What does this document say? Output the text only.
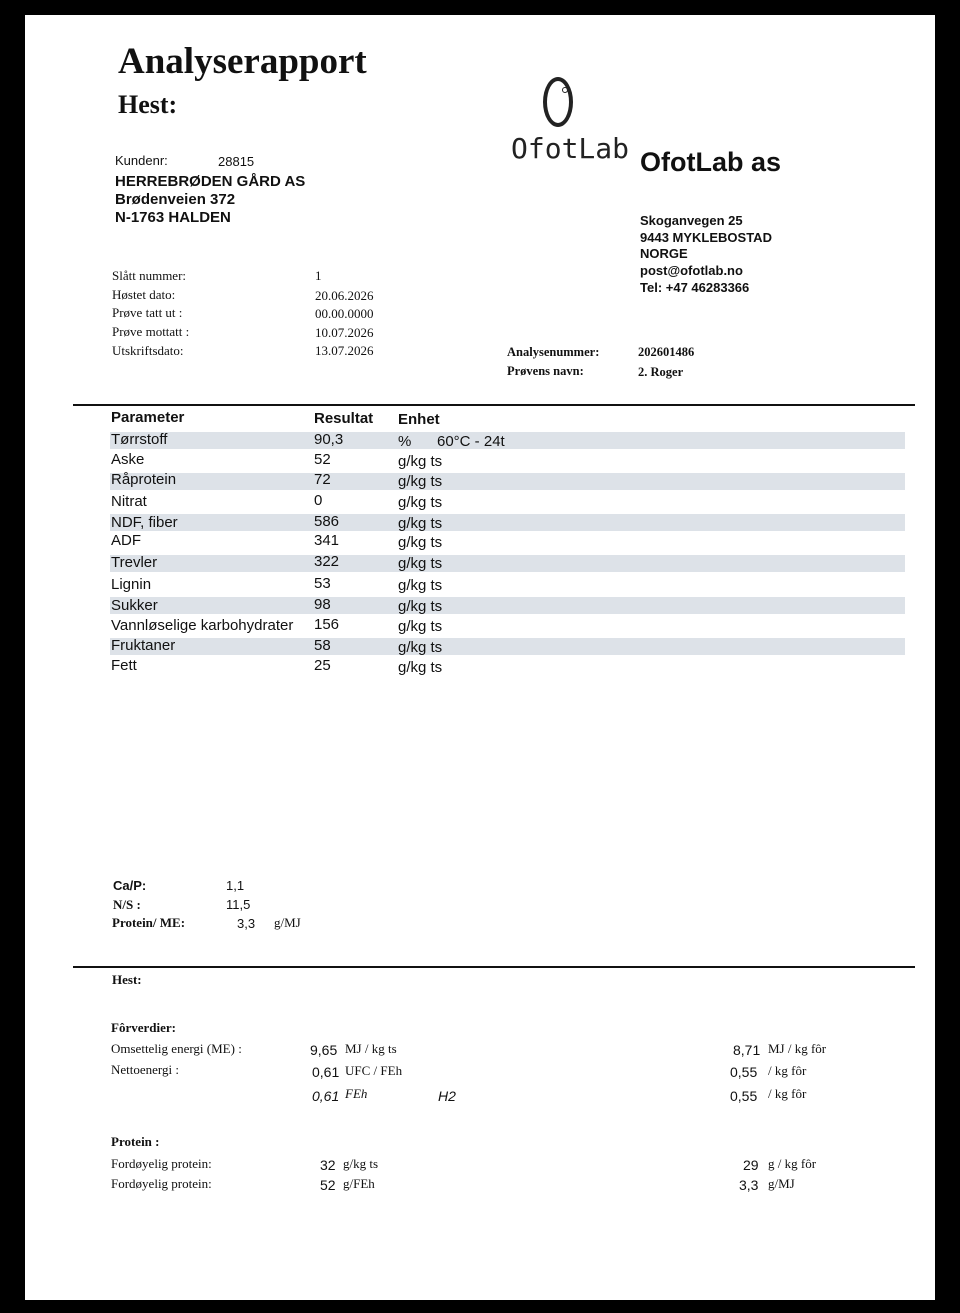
Analyserapport
Hest:
Kundenr:	28815
HERREBRØDEN GÅRD AS
Brødenveien 372
N-1763 HALDEN
OfotLab OfotLab as
Skoganvegen 25
9443 MYKLEBOSTAD
NORGE
post@ofotlab.no
Tel: +47 46283366
Slått nummer:	1
Høstet dato:	20.06.2026
Prøve tatt ut :	00.00.0000
Prøve mottatt :	10.07.2026
Utskriftsdato:	13.07.2026	Analysenummer:	202601486
Prøvens navn:	2. Roger
Parameter	Resultat Enhet
Tørrstoff	90,3	% 60°C - 24t
Aske	52	g/kg ts
Råprotein	72	g/kg ts
Nitrat	0	g/kg ts
NDF, fiber	586	g/kg ts
ADF	341	g/kg ts
Trevler	322	g/kg ts
Lignin	53	g/kg ts
Sukker	98	g/kg ts
Vannløselige karbohydrater 156	g/kg ts
Fruktaner	58	g/kg ts
Fett	25	g/kg ts
Ca/P:	1,1
N/S :	11,5
Protein/ ME:	3,3 g/MJ
Hest:
Fôrverdier:
Omsettelig energi (ME) :	9,65 MJ / kg ts	8,71 MJ / kg fôr
Nettoenergi :	0,61 UFC / FEh	0,55 / kg fôr
0,61 FEh	H2	0,55 / kg fôr
Protein :
Fordøyelig protein:	32 g/kg ts	29 g / kg fôr
Fordøyelig protein:	52 g/FEh	3,3 g/MJ
